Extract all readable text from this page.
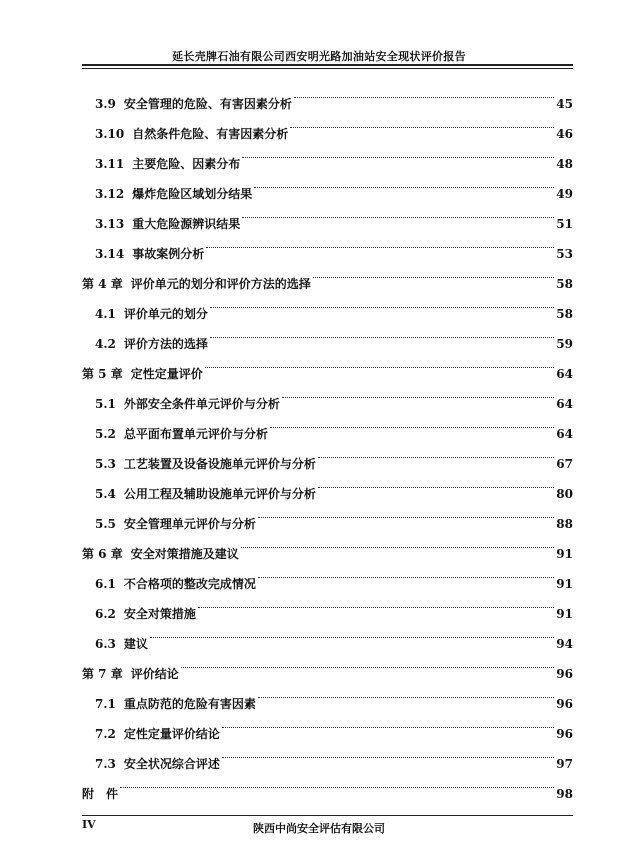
延长壳牌石油有限公司西安明光路加油站安全现状评价报告
3.9 安全管理的危险、有害因素分析	45
3.10 自然条件危险、有害因素分析	46
3.11 主要危险、因素分布	48
3.12 爆炸危险区域划分结果	49
3.13 重大危险源辨识结果	51
3.14 事故案例分析	53
第 4 章 评价单元的划分和评价方法的选择	58
4.1 评价单元的划分	58
4.2 评价方法的选择	59
第 5 章 定性定量评价	64
5.1 外部安全条件单元评价与分析	64
5.2 总平面布置单元评价与分析	64
5.3 工艺装置及设备设施单元评价与分析	67
5.4 公用工程及辅助设施单元评价与分析	80
5.5 安全管理单元评价与分析	88
第 6 章 安全对策措施及建议	91
6.1 不合格项的整改完成情况	91
6.2 安全对策措施	91
6.3 建议	94
第 7 章 评价结论	96
7.1 重点防范的危险有害因素	96
7.2 定性定量评价结论	96
7.3 安全状况综合评述	97
附　件	98
IV	陕西中尚安全评估有限公司
